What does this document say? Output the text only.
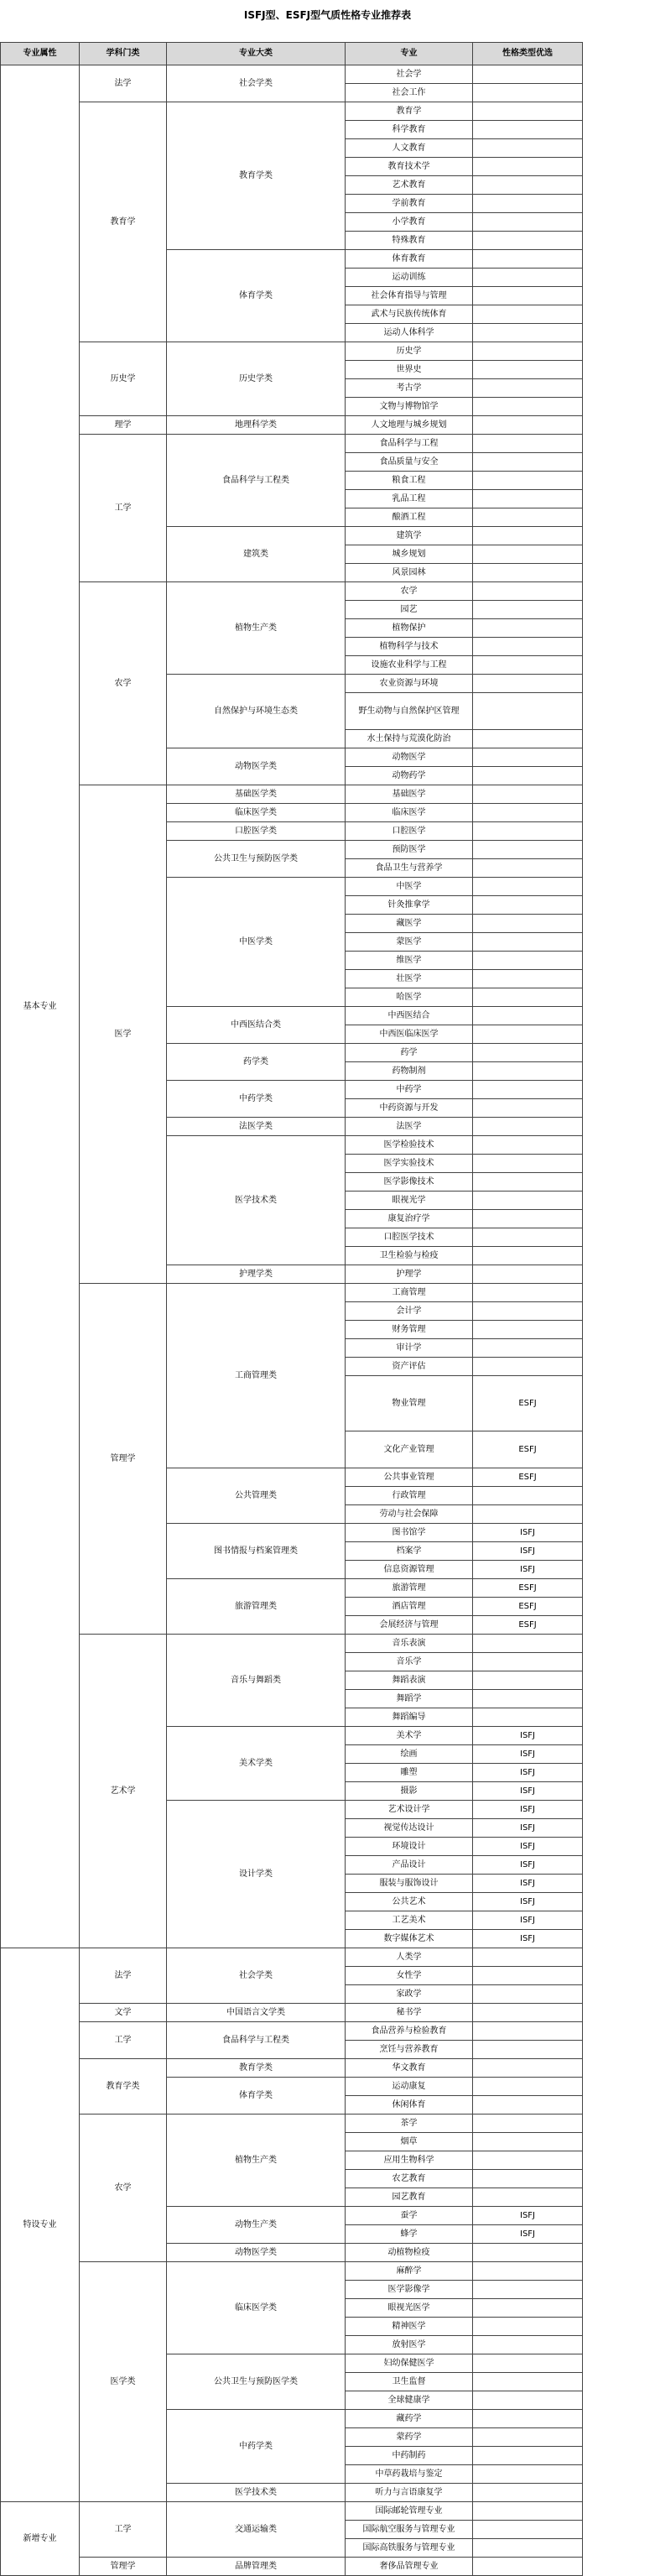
ISFJ型、ESFJ型气质性格专业推荐表
专业属性	学科门类	专业大类	专业	性格类型优选
基本专业	法学	社会学类	社会学	
			社会工作	
	教育学	教育学类	教育学	
			科学教育	
			人文教育	
			教育技术学	
			艺术教育	
			学前教育	
			小学教育	
			特殊教育	
		体育学类	体育教育	
			运动训练	
			社会体育指导与管理	
			武术与民族传统体育	
			运动人体科学	
	历史学	历史学类	历史学	
			世界史	
			考古学	
			文物与博物馆学	
	理学	地理科学类	人文地理与城乡规划	
	工学	食品科学与工程类	食品科学与工程	
			食品质量与安全	
			粮食工程	
			乳品工程	
			酿酒工程	
		建筑类	建筑学	
			城乡规划	
			风景园林	
	农学	植物生产类	农学	
			园艺	
			植物保护	
			植物科学与技术	
			设施农业科学与工程	
		自然保护与环境生态类	农业资源与环境	
			野生动物与自然保护区管理	
			水土保持与荒漠化防治	
		动物医学类	动物医学	
			动物药学	
	医学	基础医学类	基础医学	
		临床医学类	临床医学	
		口腔医学类	口腔医学	
		公共卫生与预防医学类	预防医学	
			食品卫生与营养学	
		中医学类	中医学	
			针灸推拿学	
			藏医学	
			蒙医学	
			维医学	
			壮医学	
			哈医学	
		中西医结合类	中西医结合	
			中西医临床医学	
		药学类	药学	
			药物制剂	
		中药学类	中药学	
			中药资源与开发	
		法医学类	法医学	
		医学技术类	医学检验技术	
			医学实验技术	
			医学影像技术	
			眼视光学	
			康复治疗学	
			口腔医学技术	
			卫生检验与检疫	
		护理学类	护理学	
	管理学	工商管理类	工商管理	
			会计学	
			财务管理	
			审计学	
			资产评估	
			物业管理	ESFJ
			文化产业管理	ESFJ
		公共管理类	公共事业管理	ESFJ
			行政管理	
			劳动与社会保障	
		图书情报与档案管理类	图书馆学	ISFJ
			档案学	ISFJ
			信息资源管理	ISFJ
		旅游管理类	旅游管理	ESFJ
			酒店管理	ESFJ
			会展经济与管理	ESFJ
	艺术学	音乐与舞蹈类	音乐表演	
			音乐学	
			舞蹈表演	
			舞蹈学	
			舞蹈编导	
		美术学类	美术学	ISFJ
			绘画	ISFJ
			雕塑	ISFJ
			摄影	ISFJ
		设计学类	艺术设计学	ISFJ
			视觉传达设计	ISFJ
			环境设计	ISFJ
			产品设计	ISFJ
			服装与服饰设计	ISFJ
			公共艺术	ISFJ
			工艺美术	ISFJ
			数字媒体艺术	ISFJ
特设专业	法学	社会学类	人类学	
			女性学	
			家政学	
	文学	中国语言文学类	秘书学	
	工学	食品科学与工程类	食品营养与检验教育	
			烹饪与营养教育	
	教育学类	教育学类	华文教育	
		体育学类	运动康复	
			休闲体育	
	农学	植物生产类	茶学	
			烟草	
			应用生物科学	
			农艺教育	
			园艺教育	
		动物生产类	蚕学	ISFJ
			蜂学	ISFJ
		动物医学类	动植物检疫	
	医学类	临床医学类	麻醉学	
			医学影像学	
			眼视光医学	
			精神医学	
			放射医学	
		公共卫生与预防医学类	妇幼保健医学	
			卫生监督	
			全球健康学	
		中药学类	藏药学	
			蒙药学	
			中药制药	
			中草药栽培与鉴定	
		医学技术类	听力与言语康复学	
新增专业	工学	交通运输类	国际邮轮管理专业	
			国际航空服务与管理专业	
			国际高铁服务与管理专业	
	管理学	品牌管理类	奢侈品管理专业	
